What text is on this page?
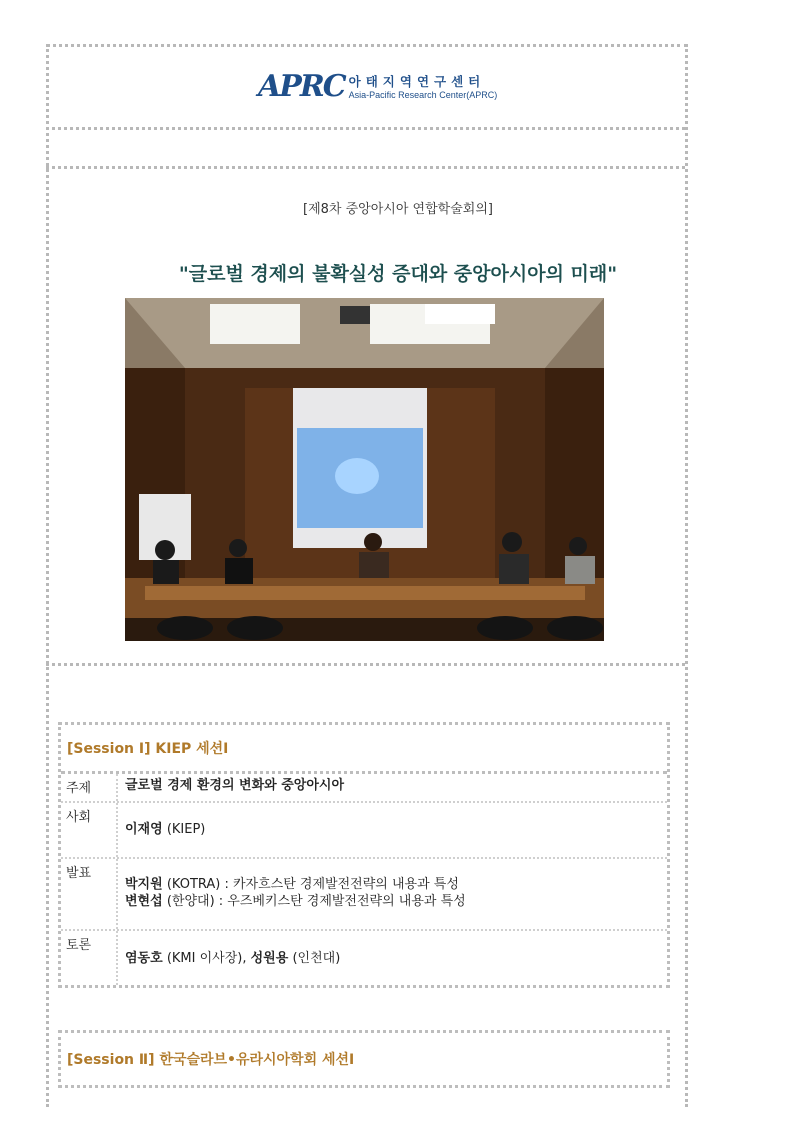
APRC 아태지역연구센터
Asia-Pacific Research Center(APRC)
[제8차 중앙아시아 연합학술회의]
"글로벌 경제의 불확실성 증대와 중앙아시아의 미래"
[Session Ⅰ] KIEP 세션Ⅰ
주제	글로벌 경제 환경의 변화와 중앙아시아
사회
이재영 (KIEP)
발표
박지원 (KOTRA) : 카자흐스탄 경제발전전략의 내용과 특성
변현섭 (한양대) : 우즈베키스탄 경제발전전략의 내용과 특성
토론
염동호 (KMI 이사장), 성원용 (인천대)
[Session Ⅱ] 한국슬라브•유라시아학회 세션Ⅰ
